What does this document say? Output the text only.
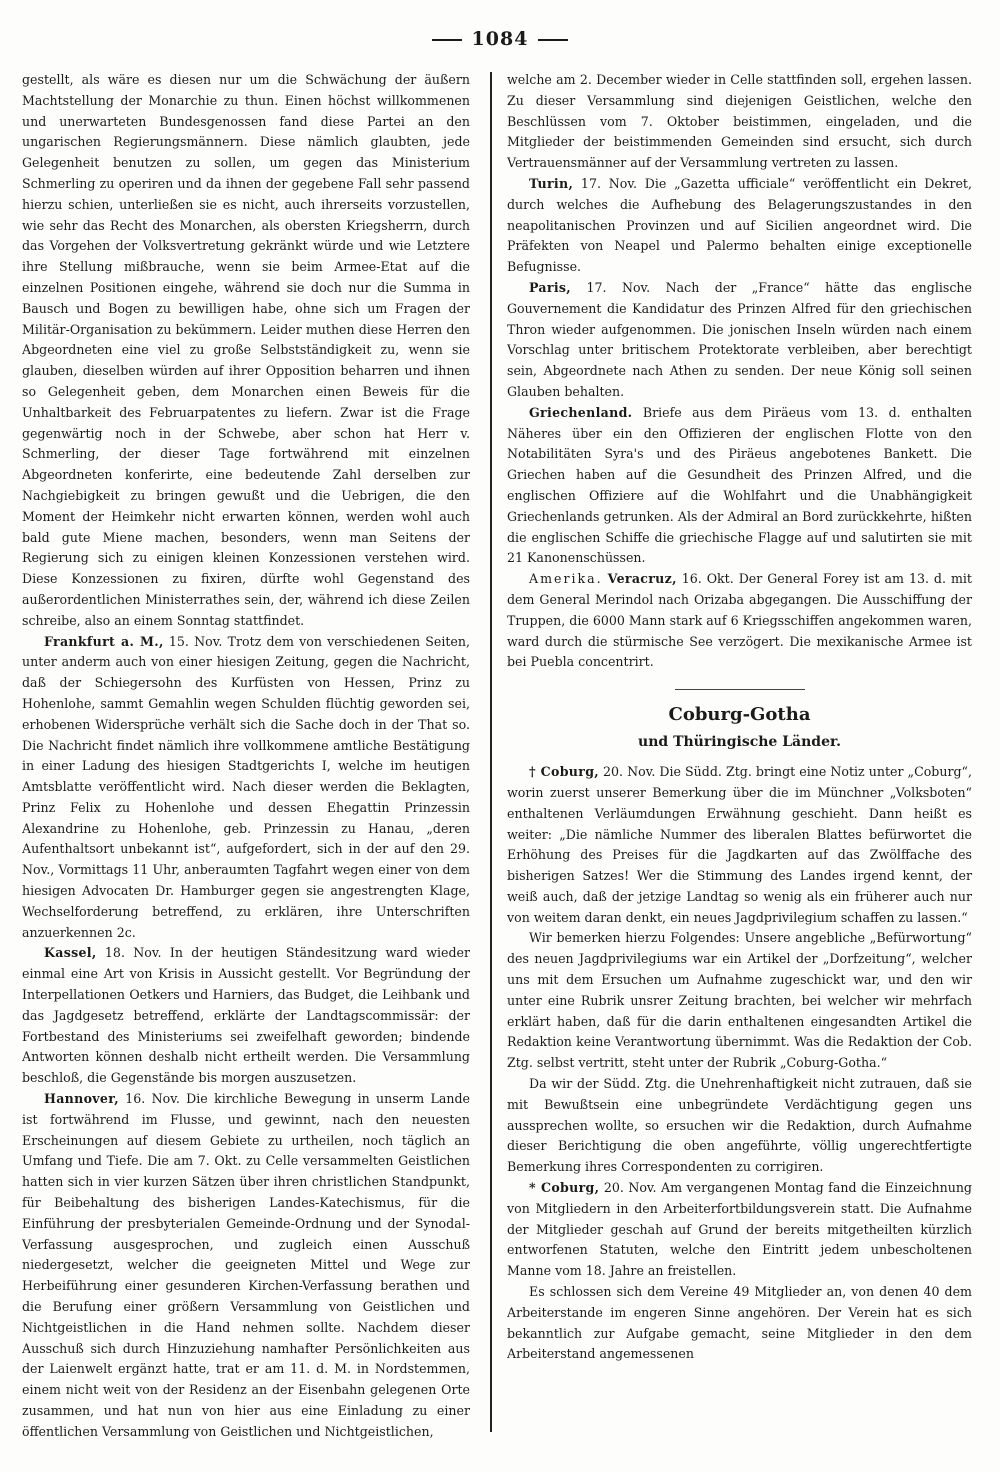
1084

gestellt, als wäre es diesen nur um die Schwächung der äußern Machtstellung der Monarchie zu thun. Einen höchst willkommenen und unerwarteten Bundesgenossen fand diese Partei an den ungarischen Regierungsmännern. Diese nämlich glaubten, jede Gelegenheit benutzen zu sollen, um gegen das Ministerium Schmerling zu operiren und da ihnen der gegebene Fall sehr passend hierzu schien, unterließen sie es nicht, auch ihrerseits vorzustellen, wie sehr das Recht des Monarchen, als obersten Kriegsherrn, durch das Vorgehen der Volksvertretung gekränkt würde und wie Letztere ihre Stellung mißbrauche, wenn sie beim Armee-Etat auf die einzelnen Positionen eingehe, während sie doch nur die Summa in Bausch und Bogen zu bewilligen habe, ohne sich um Fragen der Militär-Organisation zu bekümmern. Leider muthen diese Herren den Abgeordneten eine viel zu große Selbstständigkeit zu, wenn sie glauben, dieselben würden auf ihrer Opposition beharren und ihnen so Gelegenheit geben, dem Monarchen einen Beweis für die Unhaltbarkeit des Februarpatentes zu liefern. Zwar ist die Frage gegenwärtig noch in der Schwebe, aber schon hat Herr v. Schmerling, der dieser Tage fortwährend mit einzelnen Abgeordneten konferirte, eine bedeutende Zahl derselben zur Nachgiebigkeit zu bringen gewußt und die Uebrigen, die den Moment der Heimkehr nicht erwarten können, werden wohl auch bald gute Miene machen, besonders, wenn man Seitens der Regierung sich zu einigen kleinen Konzessionen verstehen wird. Diese Konzessionen zu fixiren, dürfte wohl Gegenstand des außerordentlichen Ministerrathes sein, der, während ich diese Zeilen schreibe, also an einem Sonntag stattfindet.

Frankfurt a. M., 15. Nov. Trotz dem von verschiedenen Seiten, unter anderm auch von einer hiesigen Zeitung, gegen die Nachricht, daß der Schiegersohn des Kurfüsten von Hessen, Prinz zu Hohenlohe, sammt Gemahlin wegen Schulden flüchtig geworden sei, erhobenen Widersprüche verhält sich die Sache doch in der That so. Die Nachricht findet nämlich ihre vollkommene amtliche Bestätigung in einer Ladung des hiesigen Stadtgerichts I, welche im heutigen Amtsblatte veröffentlicht wird. Nach dieser werden die Beklagten, Prinz Felix zu Hohenlohe und dessen Ehegattin Prinzessin Alexandrine zu Hohenlohe, geb. Prinzessin zu Hanau, „deren Aufenthaltsort unbekannt ist“, aufgefordert, sich in der auf den 29. Nov., Vormittags 11 Uhr, anberaumten Tagfahrt wegen einer von dem hiesigen Advocaten Dr. Hamburger gegen sie angestrengten Klage, Wechselforderung betreffend, zu erklären, ihre Unterschriften anzuerkennen 2c.

Kassel, 18. Nov. In der heutigen Ständesitzung ward wieder einmal eine Art von Krisis in Aussicht gestellt. Vor Begründung der Interpellationen Oetkers und Harniers, das Budget, die Leihbank und das Jagdgesetz betreffend, erklärte der Landtagscommissär: der Fortbestand des Ministeriums sei zweifelhaft geworden; bindende Antworten können deshalb nicht ertheilt werden. Die Versammlung beschloß, die Gegenstände bis morgen auszusetzen.

Hannover, 16. Nov. Die kirchliche Bewegung in unserm Lande ist fortwährend im Flusse, und gewinnt, nach den neuesten Erscheinungen auf diesem Gebiete zu urtheilen, noch täglich an Umfang und Tiefe. Die am 7. Okt. zu Celle versammelten Geistlichen hatten sich in vier kurzen Sätzen über ihren christlichen Standpunkt, für Beibehaltung des bisherigen Landes-Katechismus, für die Einführung der presbyterialen Gemeinde-Ordnung und der Synodal-Verfassung ausgesprochen, und zugleich einen Ausschuß niedergesetzt, welcher die geeigneten Mittel und Wege zur Herbeiführung einer gesunderen Kirchen-Verfassung berathen und die Berufung einer größern Versammlung von Geistlichen und Nichtgeistlichen in die Hand nehmen sollte. Nachdem dieser Ausschuß sich durch Hinzuziehung namhafter Persönlichkeiten aus der Laienwelt ergänzt hatte, trat er am 11. d. M. in Nordstemmen, einem nicht weit von der Residenz an der Eisenbahn gelegenen Orte zusammen, und hat nun von hier aus eine Einladung zu einer öffentlichen Versammlung von Geistlichen und Nichtgeistlichen,

welche am 2. December wieder in Celle stattfinden soll, ergehen lassen. Zu dieser Versammlung sind diejenigen Geistlichen, welche den Beschlüssen vom 7. Oktober beistimmen, eingeladen, und die Mitglieder der beistimmenden Gemeinden sind ersucht, sich durch Vertrauensmänner auf der Versammlung vertreten zu lassen.

Turin, 17. Nov. Die „Gazetta ufficiale“ veröffentlicht ein Dekret, durch welches die Aufhebung des Belagerungszustandes in den neapolitanischen Provinzen und auf Sicilien angeordnet wird. Die Präfekten von Neapel und Palermo behalten einige exceptionelle Befugnisse.

Paris, 17. Nov. Nach der „France“ hätte das englische Gouvernement die Kandidatur des Prinzen Alfred für den griechischen Thron wieder aufgenommen. Die jonischen Inseln würden nach einem Vorschlag unter britischem Protektorate verbleiben, aber berechtigt sein, Abgeordnete nach Athen zu senden. Der neue König soll seinen Glauben behalten.

Griechenland. Briefe aus dem Piräeus vom 13. d. enthalten Näheres über ein den Offizieren der englischen Flotte von den Notabilitäten Syra's und des Piräeus angebotenes Bankett. Die Griechen haben auf die Gesundheit des Prinzen Alfred, und die englischen Offiziere auf die Wohlfahrt und die Unabhängigkeit Griechenlands getrunken. Als der Admiral an Bord zurückkehrte, hißten die englischen Schiffe die griechische Flagge auf und salutirten sie mit 21 Kanonenschüssen.

Amerika. Veracruz, 16. Okt. Der General Forey ist am 13. d. mit dem General Merindol nach Orizaba abgegangen. Die Ausschiffung der Truppen, die 6000 Mann stark auf 6 Kriegsschiffen angekommen waren, ward durch die stürmische See verzögert. Die mexikanische Armee ist bei Puebla concentrirt.

Coburg-Gotha
und Thüringische Länder.

† Coburg, 20. Nov. Die Südd. Ztg. bringt eine Notiz unter „Coburg“, worin zuerst unserer Bemerkung über die im Münchner „Volksboten“ enthaltenen Verläumdungen Erwähnung geschieht. Dann heißt es weiter: „Die nämliche Nummer des liberalen Blattes befürwortet die Erhöhung des Preises für die Jagdkarten auf das Zwölffache des bisherigen Satzes! Wer die Stimmung des Landes irgend kennt, der weiß auch, daß der jetzige Landtag so wenig als ein früherer auch nur von weitem daran denkt, ein neues Jagdprivilegium schaffen zu lassen.“

Wir bemerken hierzu Folgendes: Unsere angebliche „Befürwortung“ des neuen Jagdprivilegiums war ein Artikel der „Dorfzeitung“, welcher uns mit dem Ersuchen um Aufnahme zugeschickt war, und den wir unter eine Rubrik unsrer Zeitung brachten, bei welcher wir mehrfach erklärt haben, daß für die darin enthaltenen eingesandten Artikel die Redaktion keine Verantwortung übernimmt. Was die Redaktion der Cob. Ztg. selbst vertritt, steht unter der Rubrik „Coburg-Gotha.“

Da wir der Südd. Ztg. die Unehrenhaftigkeit nicht zutrauen, daß sie mit Bewußtsein eine unbegründete Verdächtigung gegen uns aussprechen wollte, so ersuchen wir die Redaktion, durch Aufnahme dieser Berichtigung die oben angeführte, völlig ungerechtfertigte Bemerkung ihres Correspondenten zu corrigiren.

* Coburg, 20. Nov. Am vergangenen Montag fand die Einzeichnung von Mitgliedern in den Arbeiterfortbildungsverein statt. Die Aufnahme der Mitglieder geschah auf Grund der bereits mitgetheilten kürzlich entworfenen Statuten, welche den Eintritt jedem unbescholtenen Manne vom 18. Jahre an freistellen.

Es schlossen sich dem Vereine 49 Mitglieder an, von denen 40 dem Arbeiterstande im engeren Sinne angehören. Der Verein hat es sich bekanntlich zur Aufgabe gemacht, seine Mitglieder in den dem Arbeiterstand angemessenen
